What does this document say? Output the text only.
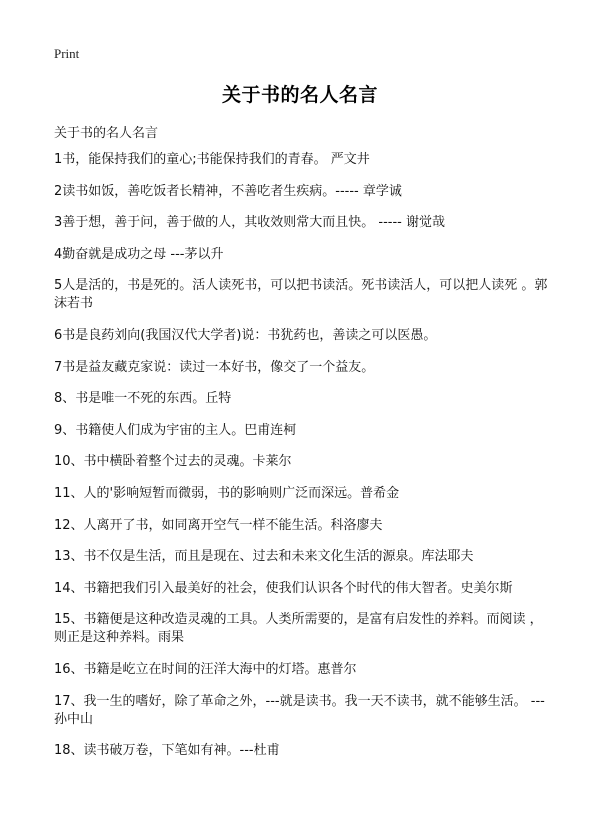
Print
关于书的名人名言
关于书的名人名言
1书，能保持我们的童心;书能保持我们的青春。 严文井
2读书如饭，善吃饭者长精神，不善吃者生疾病。----- 章学诚
3善于想，善于问，善于做的人，其收效则常大而且快。 ----- 谢觉哉
4勤奋就是成功之母 ---茅以升
5人是活的，书是死的。活人读死书，可以把书读活。死书读活人，可以把人读死 。郭沫若书
6书是良药刘向(我国汉代大学者)说：书犹药也，善读之可以医愚。
7书是益友藏克家说：读过一本好书，像交了一个益友。
8、书是唯一不死的东西。丘特
9、书籍使人们成为宇宙的主人。巴甫连柯
10、书中横卧着整个过去的灵魂。卡莱尔
11、人的'影响短暂而微弱，书的影响则广泛而深远。普希金
12、人离开了书，如同离开空气一样不能生活。科洛廖夫
13、书不仅是生活，而且是现在、过去和未来文化生活的源泉。库法耶夫
14、书籍把我们引入最美好的社会，使我们认识各个时代的伟大智者。史美尔斯
15、书籍便是这种改造灵魂的工具。人类所需要的，是富有启发性的养料。而阅读 ，则正是这种养料。雨果
16、书籍是屹立在时间的汪洋大海中的灯塔。惠普尔
17、我一生的嗜好，除了革命之外，---就是读书。我一天不读书，就不能够生活。 ---孙中山
18、读书破万卷，下笔如有神。---杜甫
